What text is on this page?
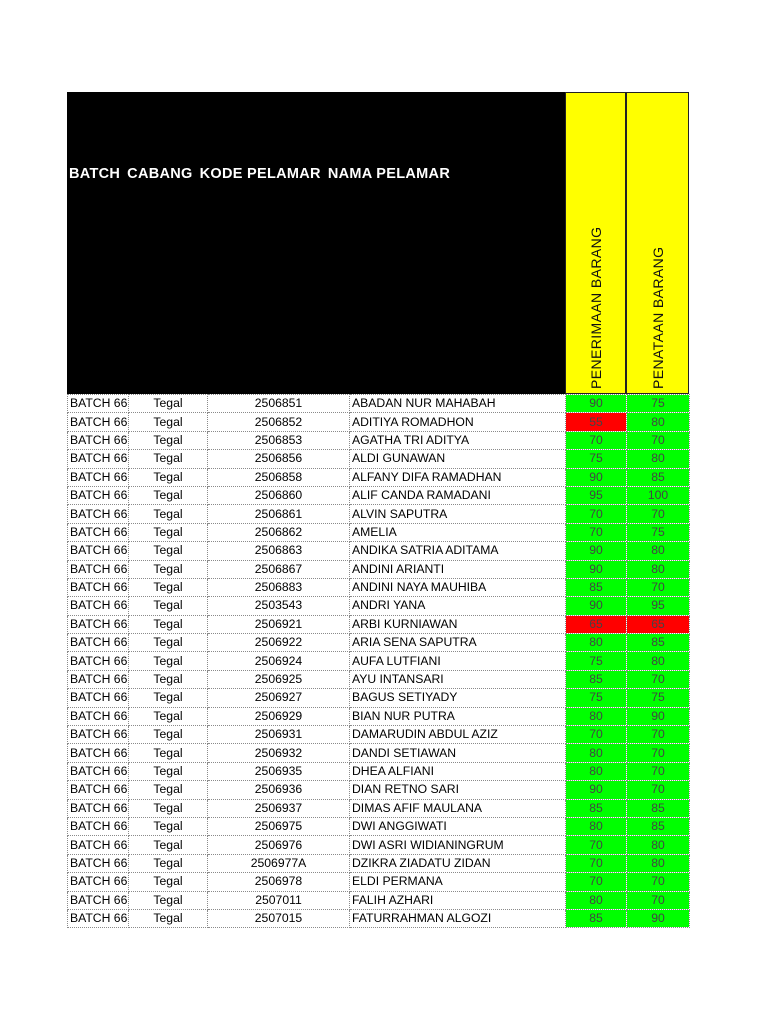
BATCH CABANG KODE PELAMAR NAMA PELAMAR
PENERIMAAN BARANG	PENATAAN BARANG
BATCH 66	Tegal	2506851	ABADAN NUR MAHABAH	90	75
BATCH 66	Tegal	2506852	ADITIYA ROMADHON	55	80
BATCH 66	Tegal	2506853	AGATHA TRI ADITYA	70	70
BATCH 66	Tegal	2506856	ALDI GUNAWAN	75	80
BATCH 66	Tegal	2506858	ALFANY DIFA RAMADHAN	90	85
BATCH 66	Tegal	2506860	ALIF CANDA RAMADANI	95	100
BATCH 66	Tegal	2506861	ALVIN SAPUTRA	70	70
BATCH 66	Tegal	2506862	AMELIA	70	75
BATCH 66	Tegal	2506863	ANDIKA SATRIA ADITAMA	90	80
BATCH 66	Tegal	2506867	ANDINI ARIANTI	90	80
BATCH 66	Tegal	2506883	ANDINI NAYA MAUHIBA	85	70
BATCH 66	Tegal	2503543	ANDRI YANA	90	95
BATCH 66	Tegal	2506921	ARBI KURNIAWAN	65	65
BATCH 66	Tegal	2506922	ARIA SENA SAPUTRA	80	85
BATCH 66	Tegal	2506924	AUFA LUTFIANI	75	80
BATCH 66	Tegal	2506925	AYU INTANSARI	85	70
BATCH 66	Tegal	2506927	BAGUS SETIYADY	75	75
BATCH 66	Tegal	2506929	BIAN NUR PUTRA	80	90
BATCH 66	Tegal	2506931	DAMARUDIN ABDUL AZIZ	70	70
BATCH 66	Tegal	2506932	DANDI SETIAWAN	80	70
BATCH 66	Tegal	2506935	DHEA ALFIANI	80	70
BATCH 66	Tegal	2506936	DIAN RETNO SARI	90	70
BATCH 66	Tegal	2506937	DIMAS AFIF MAULANA	85	85
BATCH 66	Tegal	2506975	DWI ANGGIWATI	80	85
BATCH 66	Tegal	2506976	DWI ASRI WIDIANINGRUM	70	80
BATCH 66	Tegal	2506977A	DZIKRA ZIADATU ZIDAN	70	80
BATCH 66	Tegal	2506978	ELDI PERMANA	70	70
BATCH 66	Tegal	2507011	FALIH AZHARI	80	70
BATCH 66	Tegal	2507015	FATURRAHMAN ALGOZI	85	90
